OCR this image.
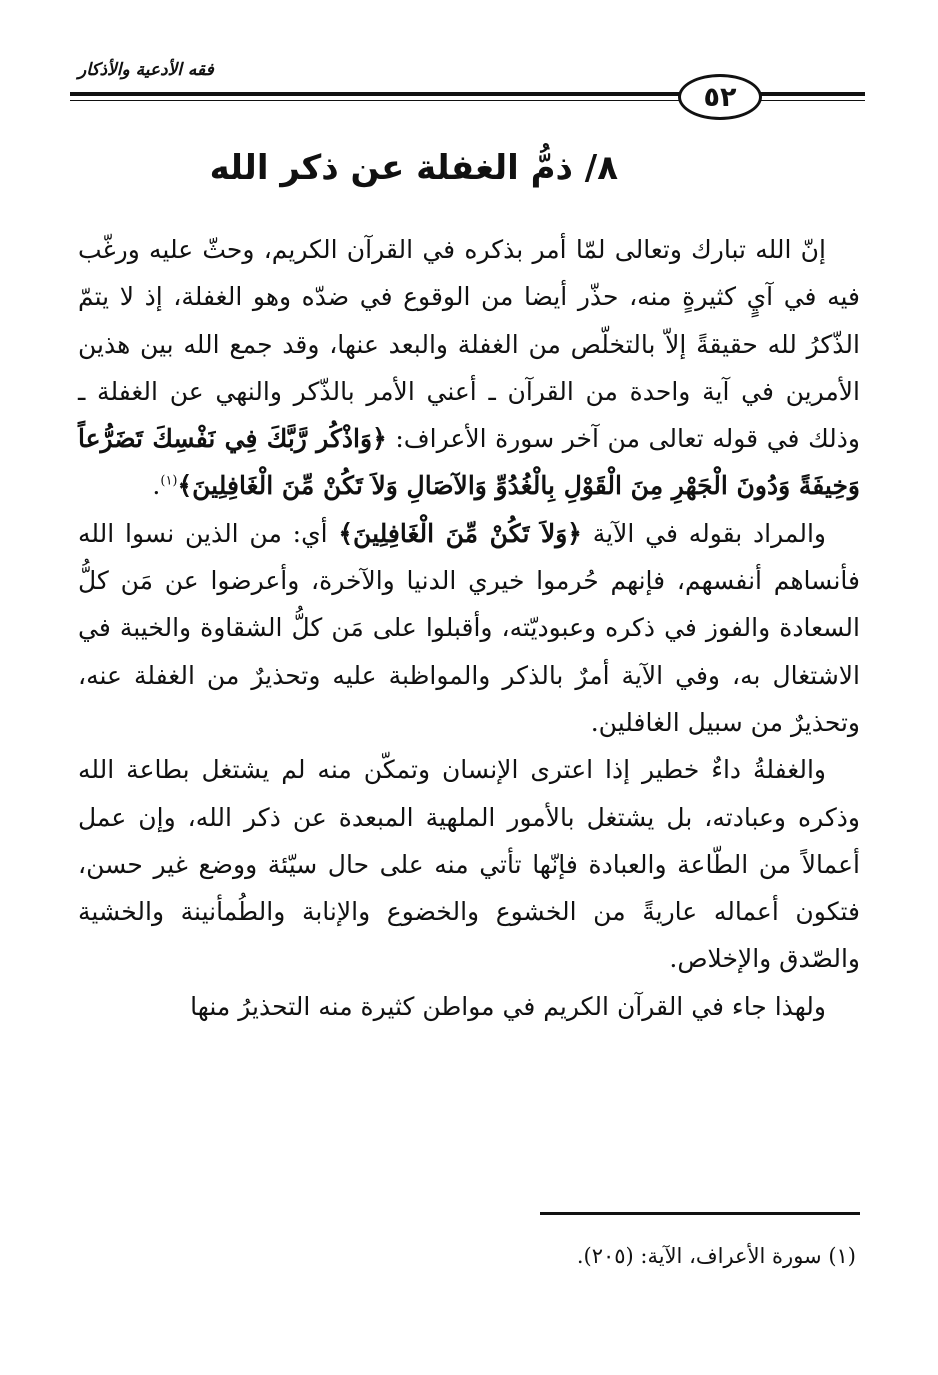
فقه الأدعية والأذكار
٥٢
٨/ ذمُّ الغفلة عن ذكر الله

إنّ الله تبارك وتعالى لمّا أمر بذكره في القرآن الكريم، وحثّ عليه ورغّب فيه في آيٍ كثيرةٍ منه، حذّر أيضا من الوقوع في ضدّه وهو الغفلة، إذ لا يتمّ الذّكرُ لله حقيقةً إلاّ بالتخلّص من الغفلة والبعد عنها، وقد جمع الله بين هذين الأمرين في آية واحدة من القرآن ـ أعني الأمر بالذّكر والنهي عن الغفلة ـ وذلك في قوله تعالى من آخر سورة الأعراف: ﴿وَاذْكُر رَّبَّكَ فِي نَفْسِكَ تَضَرُّعاً وَخِيفَةً وَدُونَ الْجَهْرِ مِنَ الْقَوْلِ بِالْغُدُوِّ وَالآصَالِ وَلاَ تَكُنْ مِّنَ الْغَافِلِينَ﴾$^{(١)}$.

والمراد بقوله في الآية ﴿وَلاَ تَكُنْ مِّنَ الْغَافِلِينَ﴾ أي: من الذين نسوا الله فأنساهم أنفسهم، فإنهم حُرموا خيري الدنيا والآخرة، وأعرضوا عن مَن كلُّ السعادة والفوز في ذكره وعبوديّته، وأقبلوا على مَن كلُّ الشقاوة والخيبة في الاشتغال به، وفي الآية أمرٌ بالذكر والمواظبة عليه وتحذيرٌ من الغفلة عنه، وتحذيرٌ من سبيل الغافلين.

والغفلةُ داءٌ خطير إذا اعترى الإنسان وتمكّن منه لم يشتغل بطاعة الله وذكره وعبادته، بل يشتغل بالأمور الملهية المبعدة عن ذكر الله، وإن عمل أعمالاً من الطّاعة والعبادة فإنّها تأتي منه على حال سيّئة ووضع غير حسن، فتكون أعماله عاريةً من الخشوع والخضوع والإنابة والطُمأنينة والخشية والصّدق والإخلاص.

ولهذا جاء في القرآن الكريم في مواطن كثيرة منه التحذيرُ منها

(١) سورة الأعراف، الآية: (٢٠٥).
